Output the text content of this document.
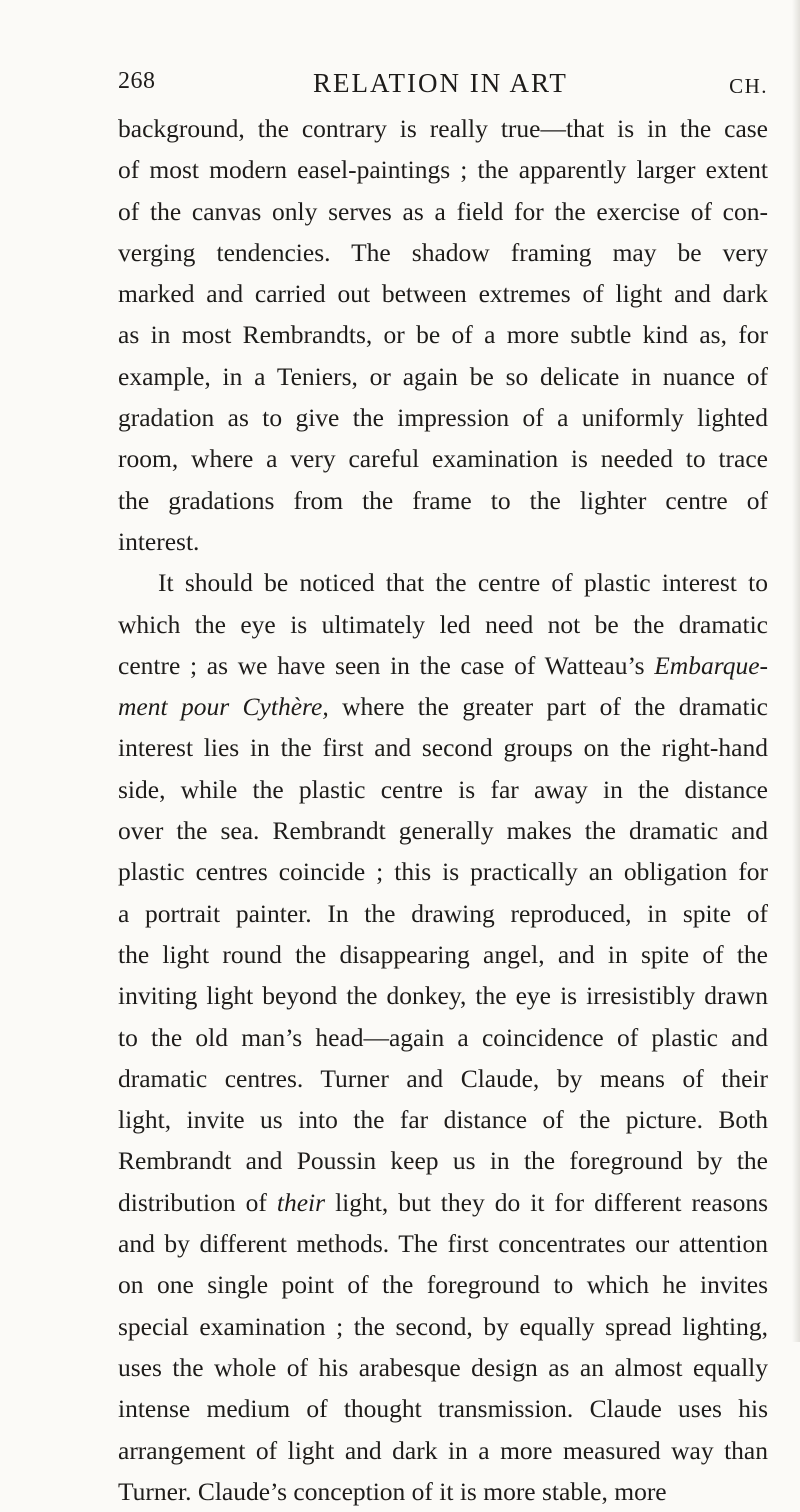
268	RELATION IN ART	CH.
background, the contrary is really true—that is in the case
of most modern easel-paintings ; the apparently larger extent
of the canvas only serves as a field for the exercise of con-
verging tendencies. The shadow framing may be very
marked and carried out between extremes of light and dark
as in most Rembrandts, or be of a more subtle kind as, for
example, in a Teniers, or again be so delicate in nuance of
gradation as to give the impression of a uniformly lighted
room, where a very careful examination is needed to trace
the gradations from the frame to the lighter centre of
interest.
It should be noticed that the centre of plastic interest to
which the eye is ultimately led need not be the dramatic
centre ; as we have seen in the case of Watteau’s Embarque-
ment pour Cythère, where the greater part of the dramatic
interest lies in the first and second groups on the right-hand
side, while the plastic centre is far away in the distance
over the sea. Rembrandt generally makes the dramatic and
plastic centres coincide ; this is practically an obligation for
a portrait painter. In the drawing reproduced, in spite of
the light round the disappearing angel, and in spite of the
inviting light beyond the donkey, the eye is irresistibly drawn
to the old man’s head—again a coincidence of plastic and
dramatic centres. Turner and Claude, by means of their
light, invite us into the far distance of the picture. Both
Rembrandt and Poussin keep us in the foreground by the
distribution of their light, but they do it for different reasons
and by different methods. The first concentrates our attention
on one single point of the foreground to which he invites
special examination ; the second, by equally spread lighting,
uses the whole of his arabesque design as an almost equally
intense medium of thought transmission. Claude uses his
arrangement of light and dark in a more measured way than
Turner. Claude’s conception of it is more stable, more
